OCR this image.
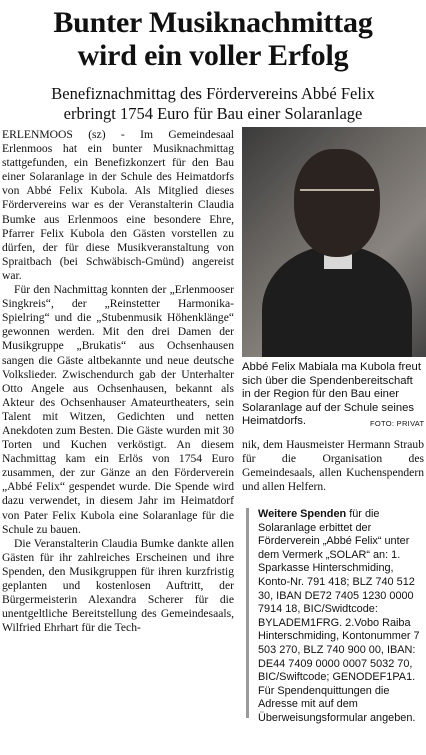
Bunter Musiknachmittag
wird ein voller Erfolg
Benefiznachmittag des Fördervereins Abbé Felix
erbringt 1754 Euro für Bau einer Solaranlage

ERLENMOOS (sz) - Im Gemeindesaal Erlenmoos hat ein bunter Musiknachmittag stattgefunden, ein Benefizkonzert für den Bau einer Solaranlage in der Schule des Heimatdorfs von Abbé Felix Kubola. Als Mitglied dieses Fördervereins war es der Veranstalterin Claudia Bumke aus Erlenmoos eine besondere Ehre, Pfarrer Felix Kubola den Gästen vorstellen zu dürfen, der für diese Musikveranstaltung von Spraitbach (bei Schwäbisch-Gmünd) angereist war.

Für den Nachmittag konnten der „Erlenmooser Singkreis“, der „Reinstetter Harmonika-Spielring“ und die „Stubenmusik Höhenklänge“ gewonnen werden. Mit den drei Damen der Musikgruppe „Brukatis“ aus Ochsenhausen sangen die Gäste altbekannte und neue deutsche Volkslieder. Zwischendurch gab der Unterhalter Otto Angele aus Ochsenhausen, bekannt als Akteur des Ochsenhauser Amateurtheaters, sein Talent mit Witzen, Gedichten und netten Anekdoten zum Besten. Die Gäste wurden mit 30 Torten und Kuchen verköstigt. An diesem Nachmittag kam ein Erlös von 1754 Euro zusammen, der zur Gänze an den Förderverein „Abbé Felix“ gespendet wurde. Die Spende wird dazu verwendet, in diesem Jahr im Heimatdorf von Pater Felix Kubola eine Solaranlage für die Schule zu bauen.

Die Veranstalterin Claudia Bumke dankte allen Gästen für ihr zahlreiches Erscheinen und ihre Spenden, den Musikgruppen für ihren kurzfristig geplanten und kostenlosen Auftritt, der Bürgermeisterin Alexandra Scherer für die unentgeltliche Bereitstellung des Gemeindesaals, Wilfried Ehrhart für die Tech-

Abbé Felix Mabiala ma Kubola freut sich über die Spendenbereitschaft in der Region für den Bau einer Solaranlage auf der Schule seines Heimatdorfs.	FOTO: PRIVAT
nik, dem Hausmeister Hermann Straub für die Organisation des Gemeindesaals, allen Kuchenspendern und allen Helfern.
Weitere Spenden für die Solaranlage erbittet der Förderverein „Abbé Felix“ unter dem Vermerk „SOLAR“ an: 1. Sparkasse Hinterschmiding, Konto-Nr. 791 418; BLZ 740 512 30, IBAN DE72 7405 1230 0000 7914 18, BIC/Swidtcode: BYLADEM1FRG. 2.Vobo Raiba Hinterschmiding, Kontonummer 7 503 270, BLZ 740 900 00, IBAN: DE44 7409 0000 0007 5032 70, BIC/Swiftcode; GENODEF1PA1. Für Spendenquittungen die Adresse mit auf dem Überweisungsformular angeben.
